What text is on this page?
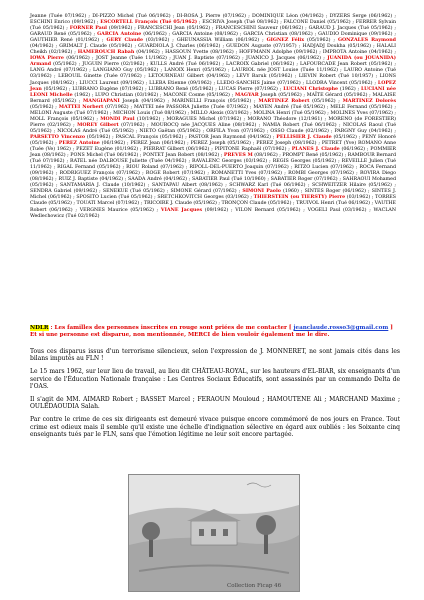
Jeanne (Tuée 07/1962) ; DI-PIZZO Michel (Tué 06/1962) ; DI-ROSA J. Pierre (07/1962) ; DOMINIQUE Léon (04/1962) ; DYZERS Serge (06/1962) ; ESCHINI Enrico (09/1962) ; ESCORTELL François (Tué 05/1962) ; ESCRIVA Joseph (Tué 08/1962) ; FALCONE Daniel (05/1962) ; FERRER Sylvain (Tué 05/1962) ; FORNER Paul (09/1962) ; FRANCESCHI Jean (05/1962) ; FRANCESCHINI Sauveur (06/1962) ; GARAUD J. Jacques (Tué 05/1962) ; GARAUD René (05/1962) ; GARCIA Antoine (06/1962) ; GARCIA Antoine (08/1962) ; GARCIA Christian (08/1962) ; GAUDIO Dominique (09/1962) ; GAUTHIER René (01/1962) ; GERY Claude (03/1962) ; GHEUNASSIA William (06/1962) ; GIGNEZ Félix (05/1962) ; GONZALES Raymond (04/1962) ; GRIMALT J. Claude (05/1962) ; GUARDIOLA J. Charles (06/1962) ; GUEDON Auguste (07/1957) ; HADJADJ Doukha (05/1962) ; HALALI Cheikh (02/1962) ; HAMEROUCH Rabah (04/1962) ; HASSOUN Yvette (08/1962) ; HOFFMANN Adolphe (09/1962) ; IMPROTA Antoine (04/1962) ; IOWA Pierre (06/1962) ; JOST Jeanne (Tuée 11/1962) ; JUAN J. Baptiste (07/1962) ; JUANICO J. Jacques (06/1962) ; JUANIDA (ou JOUANIDA) Armand (05/1962) ; JUGUIN Pierre (02/1962) ; KULLS André (Tué 06/1962) ; LACROIX Gabriel (06/1962) ; LAFOURCADE Jean Robert (05/1962) ; LANG André (07/1962) ; LANGIANO Guy (05/1962) ; LANOIX Henri (05/1962) ; LAURIOL née JOST Louise (Tuée 11/1962) ; LAURO Antoine (Tué 03/1962) ; LEBOUIL Ginette (Tuée 07/1962) ; LETOURNEAU Gilbert (04/1962) ; LEVY Baruk (05/1962) ; LIEVIN Robert (Tué 10/1957) ; LIONS Jacques (08/1962) ; LIUCCI Laurent (09/1962) ; LLEBA Etienne (09/1962) ; LLEDO-SANCHIS Jaime (07/1962) ; LLODRA Vincent (05/1962) ; LOPEZ Jean (05/1962) ; LUBRANO Eugène (07/1962) ; LUBRANO René (05/1962) ; LUCAS Pierre (07/1962) ; LUCIANI Christophe (1962) ; LUCIANI née LEONI Michelle (1962) ; LUPO Christian (03/1962) ; MACONE Cosme (05/1962) ; MAGYAR Joseph (05/1962) ; MAÏTE Gérard (05/1962) ; MALAISE Bernard (05/1962) ; MANGIAPANI Joseph (04/1962) ; MARINELLI François (05/1962) ; MARTINEZ Robert (05/1962) ; MARTINEZ Dolorès (05/1962) ; MATTEI Norbert (07/1962) ; MATTEI née PASSORA Juliette (Tuée 07/1962) ; MAYEN André (Tué 05/1962) ; MELE Fernand (05/1962) ; MELONI Auguste (Tué 07/1962) ; MICHON Louis (Tué 08/1962) ; MILLO Alexis (03/1962) ; MOLINA Henri (Tué 05/1962) ; MOLINES Yves (07/1962) ; MOLL François (05/1962) ; MONDI Paul (10/1962) ; MORAGUES Michel (07/1962) ; MORANO Théodore (12/1961) ; MORENO (de FORESTIER) Pierre (02/1962) ; MOREY Gilbert (07/1962) ; MOUROCQ née JACQUES Aline (08/1962) ; NAMIA Robert (Tué 06/1962) ; NICOLAS Raoul (Tué 05/1962) ; NICOLAS André (Tué 05/1962) ; NIETO Gaëtan (05/1962) ; ORFILA Yvon (07/1962) ; OSSO Claude (02/1962) ; PARGNY Guy (04/1962) ; PARSETTO Vincenzo (05/1962) ; PASCAL François (05/1962) ; PASTOR Jean Raymond (04/1962) ; PELLISIER J. Claude (05/1962) ; PENY Honoré (05/1962) ; PEREZ Antoine (06/1962) ; PEREZ Jean (06/1962) ; PEREZ Joseph (05/1962) ; PEREZ Joseph (08/1962) ; PETRET (Yve) ROMANO Anne (Tuée (Ve) 1962) ; PEZET Eugène (01/1962) ; PIERRAT Gilbert (06/1962) ; PIPITONE Raphaël (07/1962) ; PLANES J. Claude (06/1962) ; POMMIER Jean (08/1962) ; PONS Michel (Tué 06/1962) ; PONTET Jean Robert (08/1962) ; PREVES M (08/1962) ; PROMPT René (05/1962) ; RAMBOUR Bernard (Tué 07/1962) ; RATEL née DALBOUSE Juliette (Tuée 04/1962) ; RAVALENC Georges (03/1962) ; REGIS Georges (05/1962) ; REVEILLE Julien (Tué 11/1962) ; RIGAL Fernand (05/1962) ; RIOU Roland (07/1962) ; RIPOLL-DEL-PUERTO Joaquin (07/1962) ; RITZO Lucien (07/1962) ; ROCA Fernand (09/1962) ; RODRIGUEZ François (07/1962) ; ROGE Robert (07/1962) ; ROMANETTI Yves (07/1962) ; ROMBI Georges (07/1962) ; ROVIRA Diego (08/1962) ; RUIZ J. Baptiste (04/1962) ; SAADA André (04/1962) ; SABATIER Paul (Tué 10/1960) ; SABATIER Roger (07/1962) ; SAHRAOUI Mohamed (05/1962) ; SANTAMARIA J. Claude (10/1962) ; SANTAPAU Albert (08/1962) ; SCHWARZ Karl (Tué 06/1962) ; SCHWEITZER Hilaire (05/1962) ; SENDRA Gabriel (09/1962) ; SENEKUE (Tué 05/1962) ; SIMONE Gérard (07/1962) ; SIMONI Paolo (1960) ; SINTES Roger (06/1962) ; SINTES J. Michel (06/1962) ; SPOSITO Lucien (Tué 05/1962) ; SRETCHKOVITCH Georges (03/1962) ; THIERSTEIN (ou TIERSTY) Pierre (03/1962) ; TORRES Claude (05/1962) ; TOUATI Marcel (07/1962) ; TRICOIRE J. Claude (05/1962) ; TRONÇON Claude (05/1962) ; TRUIVOL Henri (Tué 06/1962) ; VAUTHE Robert (06/1962) ; VERGNES Maurice (05/1962) ; VIANE Jacques (09/1962) ; VILON Bernard (05/1962) ; VOGELI Paul (03/1962) ; WACLAN Wedlechowicz (Tué 02/1962)
NDLR : Les familles des personnes inscrites en rouge sont priées de me contacter [ jeanclaude.rosso3@gmail.com ]
Et si une personne est disparue, non mentionnée, MERCI de bien vouloir également me le dire.

Tous ces disparus issus d'un terrorisme silencieux, selon l'expression de J. MONNERET, ne sont jamais cités dans les bilans imputés au FLN !

Le 15 mars 1962, sur leur lieu de travail, au lieu dit CHÂTEAU-ROYAL, sur les hauteurs d'EL-BIAR, six enseignants d'un service de l'Éducation Nationale française : Les Centres Sociaux Éducatifs, sont assassinés par un commando Delta de l'OAS.

Il s'agit de MM. AIMARD Robert ; BASSET Marcel ; FERAOUN Mouloud ; HAMOUTENE Ali ; MARCHAND Maxime ; OULEDAOUDIA Salah.

Par contre le crime de ces six dirigeants est demeuré vivace puisque encore commémoré de nos jours en France. Tout crime est odieux mais il semble qu'il existe une échelle d'indignation sélective en égard aux oubliés : les Soixante cinq enseignants tués par le FLN, sans que l'émotion légitime ne leur soit encore partagée.

Collection Ficap 46
